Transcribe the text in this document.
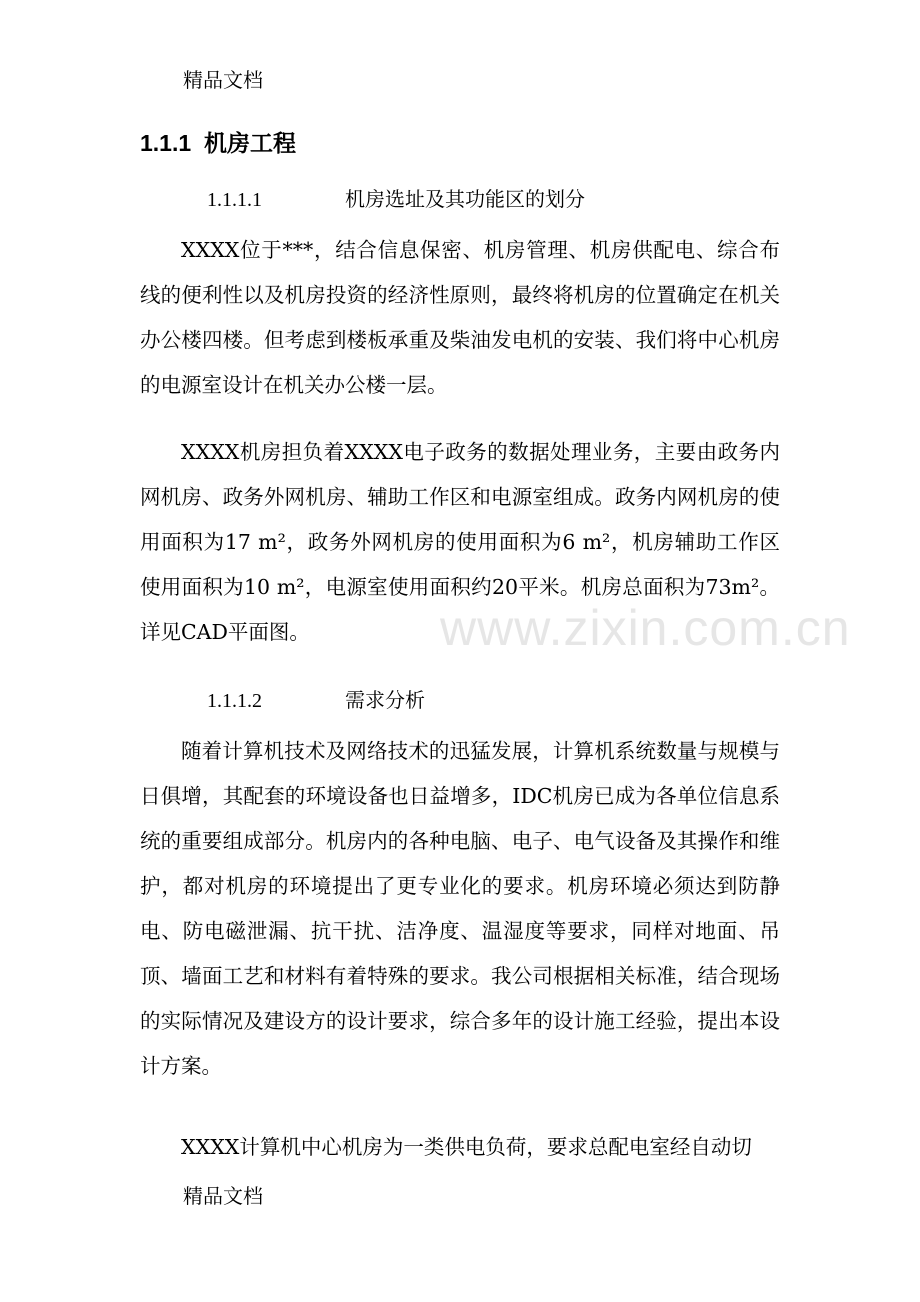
www.zixin.com.cn
精品文档
1.1.1 机房工程
1.1.1.1	机房选址及其功能区的划分

XXXX位于***，结合信息保密、机房管理、机房供配电、综合布线的便利性以及机房投资的经济性原则，最终将机房的位置确定在机关办公楼四楼。但考虑到楼板承重及柴油发电机的安装、我们将中心机房的电源室设计在机关办公楼一层。

XXXX机房担负着XXXX电子政务的数据处理业务，主要由政务内网机房、政务外网机房、辅助工作区和电源室组成。政务内网机房的使用面积为17 m²，政务外网机房的使用面积为6 m²，机房辅助工作区使用面积为10 m²，电源室使用面积约20平米。机房总面积为73m²。详见CAD平面图。

1.1.1.2	需求分析

随着计算机技术及网络技术的迅猛发展，计算机系统数量与规模与日俱增，其配套的环境设备也日益增多，IDC机房已成为各单位信息系统的重要组成部分。机房内的各种电脑、电子、电气设备及其操作和维护，都对机房的环境提出了更专业化的要求。机房环境必须达到防静电、防电磁泄漏、抗干扰、洁净度、温湿度等要求，同样对地面、吊顶、墙面工艺和材料有着特殊的要求。我公司根据相关标准，结合现场的实际情况及建设方的设计要求，综合多年的设计施工经验，提出本设计方案。

XXXX计算机中心机房为一类供电负荷，要求总配电室经自动切

精品文档
